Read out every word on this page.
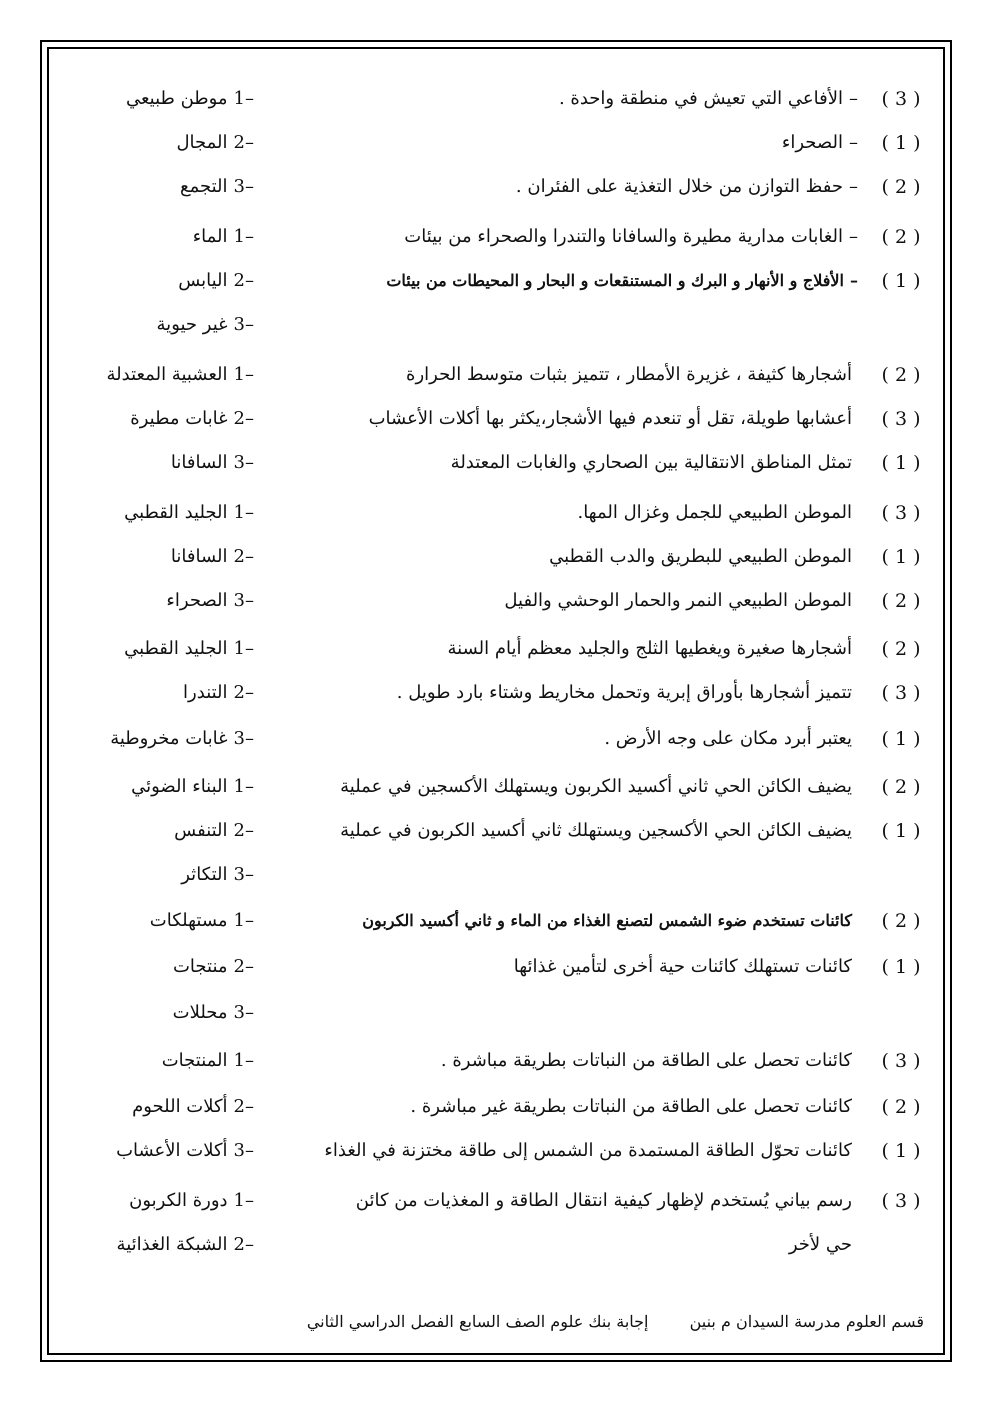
( 3 )
–الأفاعي التي تعيش في منطقة واحدة .
–1موطن طبيعي
( 1 )
–الصحراء
–2المجال
( 2 )
–حفظ التوازن من خلال التغذية على الفئران .
–3التجمع
( 2 )
–الغابات مدارية مطيرة والسافانا والتندرا والصحراء من بيئات
–1الماء
( 1 )
–الأفلاج و الأنهار و البرك و المستنقعات و البحار و المحيطات من بيئات
–2اليابس
–3غير حيوية
( 2 )
أشجارها كثيفة ، غزيرة الأمطار ، تتميز بثبات متوسط الحرارة
–1العشبية المعتدلة
( 3 )
أعشابها طويلة، تقل أو تنعدم فيها الأشجار،يكثر بها أكلات الأعشاب
–2غابات مطيرة
( 1 )
تمثل المناطق الانتقالية بين الصحاري والغابات المعتدلة
–3السافانا
( 3 )
الموطن الطبيعي للجمل وغزال المها.
–1الجليد القطبي
( 1 )
الموطن الطبيعي للبطريق والدب القطبي
–2السافانا
( 2 )
الموطن الطبيعي النمر والحمار الوحشي والفيل
–3الصحراء
( 2 )
أشجارها صغيرة ويغطيها الثلج والجليد معظم أيام السنة
–1الجليد القطبي
( 3 )
تتميز أشجارها بأوراق إبرية وتحمل مخاريط وشتاء بارد طويل .
–2التندرا
( 1 )
يعتبر أبرد مكان على وجه الأرض .
–3غابات مخروطية
( 2 )
يضيف الكائن الحي ثاني أكسيد الكربون ويستهلك الأكسجين في عملية
–1البناء الضوئي
( 1 )
يضيف الكائن الحي الأكسجين ويستهلك ثاني أكسيد الكربون في عملية
–2التنفس
–3التكاثر
( 2 )
كائنات تستخدم ضوء الشمس لتصنع الغذاء من الماء و ثاني أكسيد الكربون
–1مستهلكات
( 1 )
كائنات تستهلك كائنات حية أخرى لتأمين غذائها
–2منتجات
–3محللات
( 3 )
كائنات تحصل على الطاقة من النباتات بطريقة مباشرة .
–1المنتجات
( 2 )
كائنات تحصل على الطاقة من النباتات بطريقة غير مباشرة .
–2أكلات اللحوم
( 1 )
كائنات تحوّل الطاقة المستمدة من الشمس إلى طاقة مختزنة في الغذاء
–3أكلات الأعشاب
( 3 )
رسم بياني يُستخدم لإظهار كيفية انتقال الطاقة و المغذيات من كائن
–1دورة الكربون
حي لأخر
–2الشبكة الغذائية
قسم العلوم مدرسة السيدان م بنين إجابة بنك علوم الصف السابع الفصل الدراسي الثاني
